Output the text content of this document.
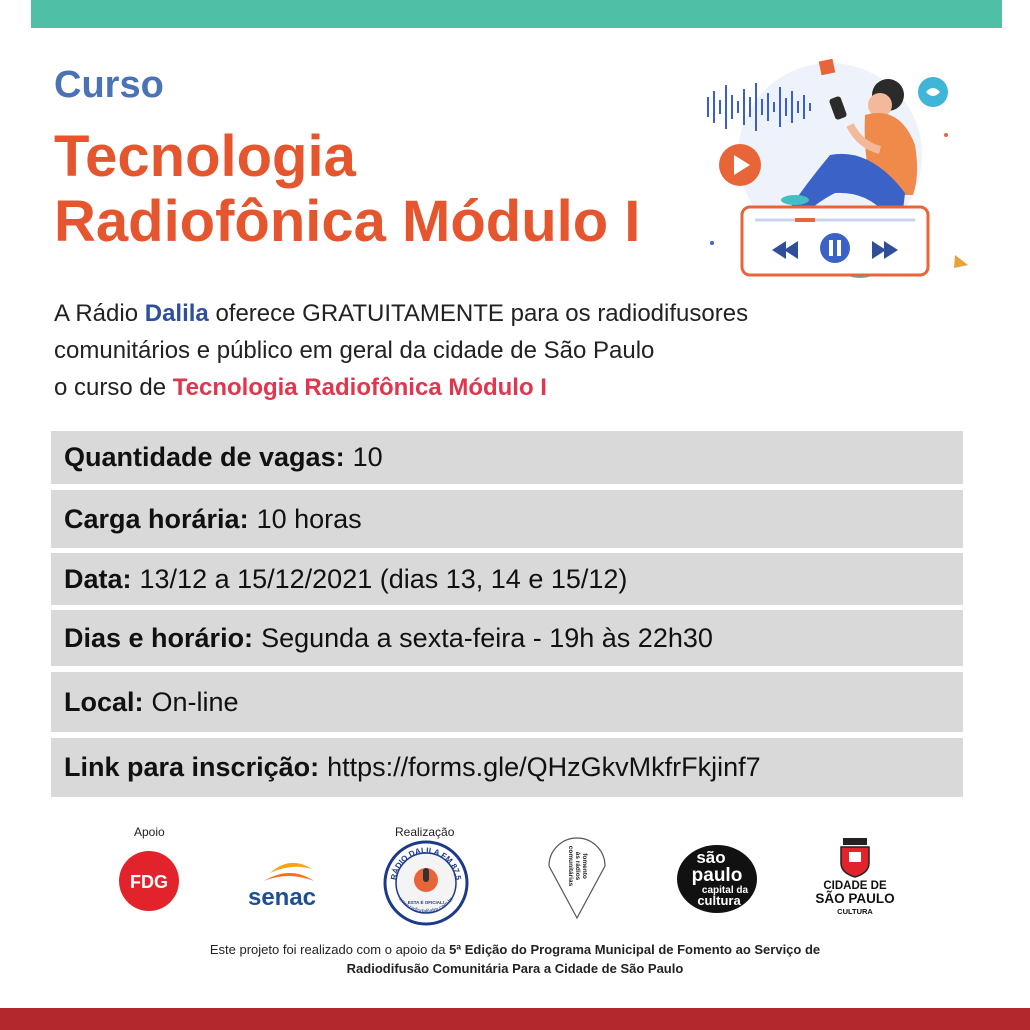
Curso
Tecnologia
Radiofônica Módulo I
A Rádio Dalila oferece GRATUITAMENTE para os radiodifusores
comunitários e público em geral da cidade de São Paulo
o curso de Tecnologia Radiofônica Módulo I
Quantidade de vagas: 10
Carga horária: 10 horas
Data: 13/12 a 15/12/2021 (dias 13, 14 e 15/12)
Dias e horário: Segunda a sexta-feira - 19h às 22h30
Local: On-line
Link para inscrição: https://forms.gle/QHzGkvMkfrFkjinf7
Apoio	Realização
FDG
senac
RÁDIO DALILA FM 87,5
www.radiodalilafm.com.br
ESTA É OFICIAL!
fomento
às rádios
comunitárias	são
paulo
capital da
cultura
CIDADE DE
SÃO PAULO
CULTURA
Este projeto foi realizado com o apoio da 5ª Edição do Programa Municipal de Fomento ao Serviço de
Radiodifusão Comunitária Para a Cidade de São Paulo
